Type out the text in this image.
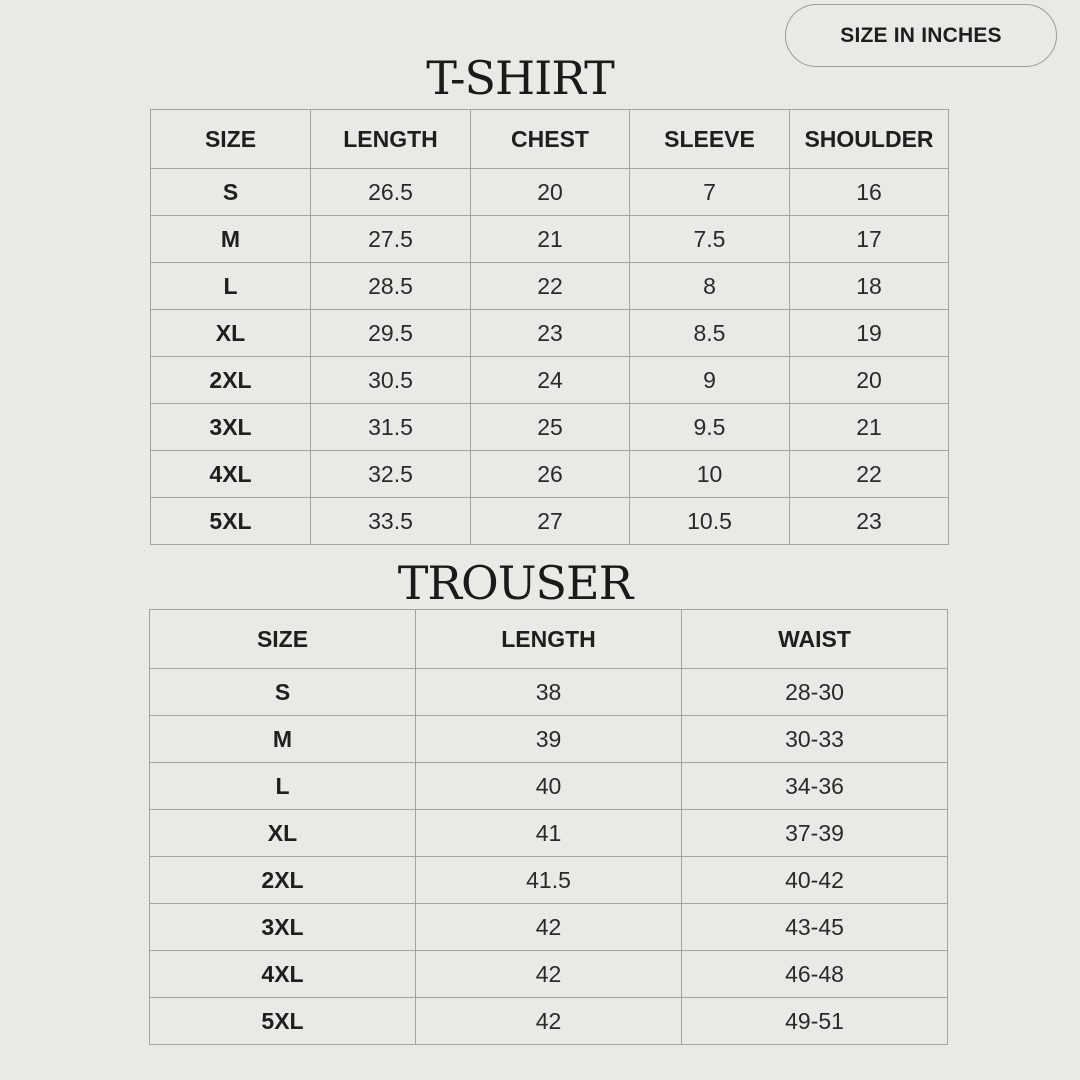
SIZE IN INCHES
T-SHIRT
SIZE	LENGTH	CHEST	SLEEVE	SHOULDER
S	26.5	20	7	16
M	27.5	21	7.5	17
L	28.5	22	8	18
XL	29.5	23	8.5	19
2XL	30.5	24	9	20
3XL	31.5	25	9.5	21
4XL	32.5	26	10	22
5XL	33.5	27	10.5	23
TROUSER
SIZE	LENGTH	WAIST
S	38	28-30
M	39	30-33
L	40	34-36
XL	41	37-39
2XL	41.5	40-42
3XL	42	43-45
4XL	42	46-48
5XL	42	49-51
